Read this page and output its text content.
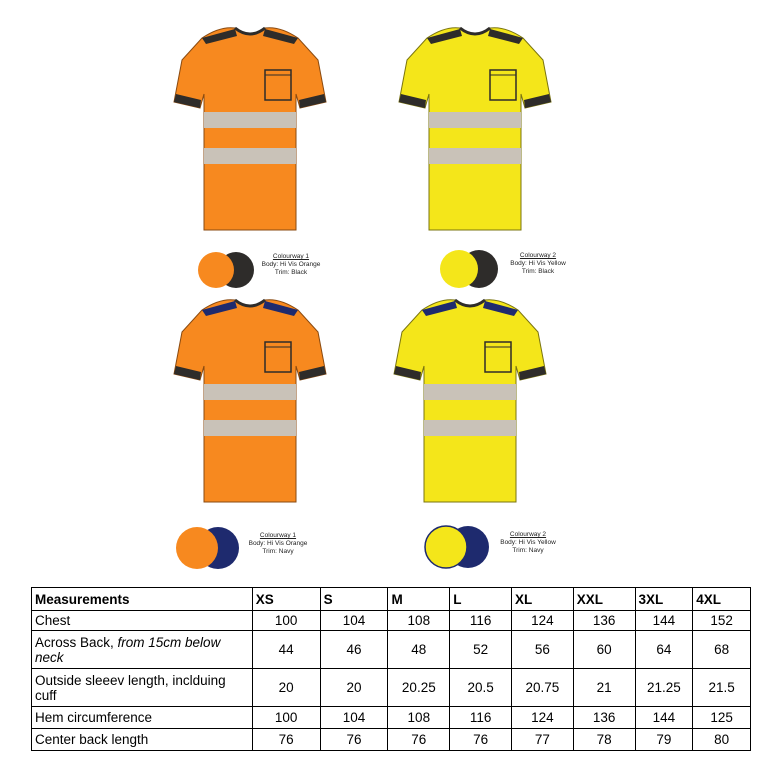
Colourway 1
Body: Hi Vis Orange
Trim: Black
Colourway 2
Body: Hi Vis Yellow
Trim: Black
Colourway 1
Body: Hi Vis Orange
Trim: Navy
Colourway 2
Body: Hi Vis Yellow
Trim: Navy
Measurements	XS	S	M	L	XL	XXL	3XL	4XL
Chest	100	104	108	116	124	136	144	152
Across Back, from 15cm below neck	44	46	48	52	56	60	64	68
Outside sleeev length, inclduing cuff	20	20	20.25	20.5	20.75	21	21.25	21.5
Hem circumference	100	104	108	116	124	136	144	125
Center back length	76	76	76	76	77	78	79	80
